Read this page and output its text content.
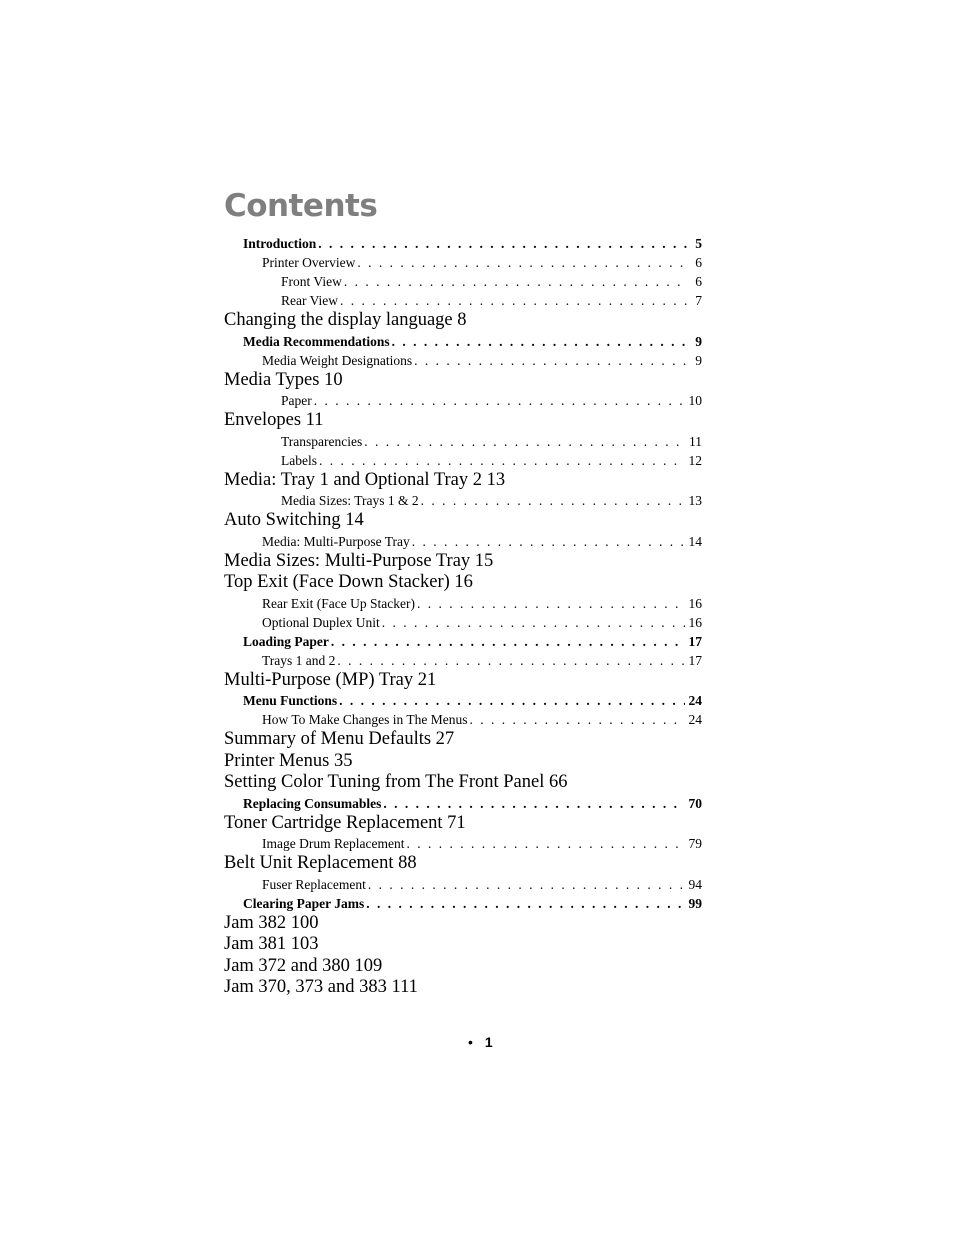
Contents
Introduction . . .	5
Printer Overview . . .	6
Front View . . .	6
Rear View . . .	7
Changing the display language 8
Media Recommendations . . .	9
Media Weight Designations . . .	9
Media Types 10
Paper . . .	10
Envelopes 11
Transparencies . . .	11
Labels . . .	12
Media: Tray 1 and Optional Tray 2 13
Media Sizes: Trays 1 & 2 . . .	13
Auto Switching 14
Media: Multi-Purpose Tray . . .	14
Media Sizes: Multi-Purpose Tray 15
Top Exit (Face Down Stacker) 16
Rear Exit (Face Up Stacker) . . .	16
Optional Duplex Unit . . .	16
Loading Paper . . .	17
Trays 1 and 2 . . .	17
Multi-Purpose (MP) Tray 21
Menu Functions . . .	24
How To Make Changes in The Menus . . .	24
Summary of Menu Defaults 27
Printer Menus 35
Setting Color Tuning from The Front Panel 66
Replacing Consumables . . .	70
Toner Cartridge Replacement 71
Image Drum Replacement . . .	79
Belt Unit Replacement 88
Fuser Replacement . . .	94
Clearing Paper Jams . . .	99
Jam 382 100
Jam 381 103
Jam 372 and 380 109
Jam 370, 373 and 383 111
• 1
